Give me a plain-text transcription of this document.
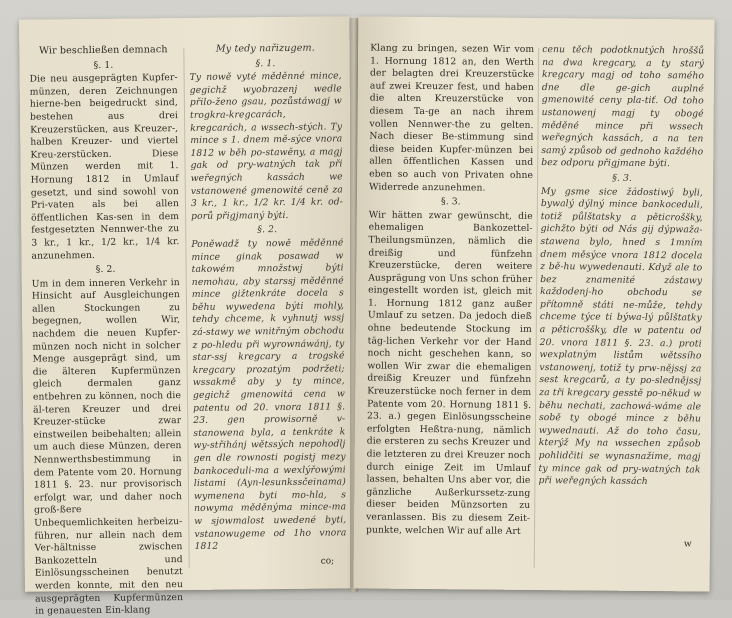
Wir beschließen demnach
§. 1.

Die neu ausgeprägten Kupfer-münzen, deren Zeichnungen hierne-ben beigedruckt sind, bestehen aus drei Kreuzerstücken, aus Kreuzer-, halben Kreuzer- und viertel Kreu-zerstücken. Diese Münzen werden mit 1. Hornung 1812 in Umlauf gesetzt, und sind sowohl von Pri-vaten als bei allen öffentlichen Kas-sen in dem festgesetzten Nennwer-the zu 3 kr., 1 kr., 1/2 kr., 1/4 kr. anzunehmen.

§. 2.

Um in dem inneren Verkehr in Hinsicht auf Ausgleichungen allen Stockungen zu begegnen, wollen Wir, nachdem die neuen Kupfer-münzen noch nicht in solcher Menge ausgeprägt sind, um die älteren Kupfermünzen gleich dermalen ganz entbehren zu können, noch die äl-teren Kreuzer und drei Kreuzer-stücke zwar einstweilen beibehalten; allein um auch diese Münzen, deren Nennwerthsbestimmung in dem Patente vom 20. Hornung 1811 §. 23. nur provisorisch erfolgt war, und daher noch groß-ßere Unbequemlichkeiten herbeizu-führen, nur allein nach dem Ver-hältnisse zwischen Bankozetteln und Einlösungsscheinen benutzt werden konnte, mit den neu ausgeprägten Kupfermünzen in genauesten Ein-klang

My tedy nařizugem.
§. 1.

Ty nowě vyté měděnné mince, gegichž wyobrazenj wedle přilo-ženo gsau, pozůstáwagj w trogkra-kregcarách, kregcarách, a wssech-stých. Ty mince s 1. dnem mě-sýce vnora 1812 w běh po-stawěny, a magj gak od pry-watných tak při weřegných kassách we vstanowené gmenowité ceně za 3 kr., 1 kr., 1/2 kr. 1/4 kr. od-porů přigjmaný býti.

§. 2.

Poněwadž ty nowě měděnné mince ginak posawad w takowém množstwj býti nemohau, aby starssj měděnné mince gižtenkráte docela s běhu wywedena býti mohly, tehdy chceme, k vyhnutj wssj zá-stawy we wnitřným obchodu z po-hledu při wyrownáwánj, ty star-ssj kregcary a trogské kregcary prozatým podržeti; wssakmě aby y ty mince, gegichž gmenowitá cena w patentu od 20. vnora 1811 §. 23. gen prowisorně v-stanowena byla, a tenkráte k wy-střihánj wětssých nepohodlj gen dle rownosti pogistj mezy bankoceduli-ma a wexlýřowými listami (Ayn-lesunkssčeinama) wymenena byti mo-hla, s nowyma měděnýma mince-ma w sjowmalost uwedené byti, vstanowugeme od 1ho vnora 1812

co;

Klang zu bringen, sezen Wir vom 1. Hornung 1812 an, den Werth der belagten drei Kreuzerstücke auf zwei Kreuzer fest, und haben die alten Kreuzerstücke von diesem Ta-ge an nach ihrem vollen Nennwer-the zu gelten. Nach dieser Be-stimmung sind diese beiden Kupfer-münzen bei allen öffentlichen Kassen und eben so auch von Privaten ohne Widerrede anzunehmen.

§. 3.

Wir hätten zwar gewünscht, die ehemaligen Bankozettel-Theilungsmünzen, nämlich die dreißig und fünfzehn Kreuzerstücke, deren weitere Ausprägung von Uns schon früher eingestellt worden ist, gleich mit 1. Hornung 1812 ganz außer Umlauf zu setzen. Da jedoch dieß ohne bedeutende Stockung im täg-lichen Verkehr vor der Hand noch nicht geschehen kann, so wollen Wir zwar die ehemaligen dreißig Kreuzer und fünfzehn Kreuzerstücke noch ferner in dem Patente vom 20. Hornung 1811 §. 23. a.) gegen Einlösungsscheine erfolgten Heßtra-nung, nämlich die ersteren zu sechs Kreuzer und die letzteren zu drei Kreuzer noch durch einige Zeit im Umlauf lassen, behalten Uns aber vor, die gänzliche Außerkurssetz-zung dieser beiden Münzsorten zu veranlassen. Bis zu diesem Zeit-punkte, welchen Wir auf alle Art

cenu těch podotknutých hroššů na dwa kregcary, a ty starý kregcary magj od toho samého dne dle ge-gich auplné gmenowité ceny pla-tiť. Od toho ustanowenj magj ty obogé měděné mince při wssech weřegných kassách, a na ten samý způsob od gednoho každého bez odporu přigjmane býti.

§. 3.

My gsme sice žádostiwý byli, bywalý dýlný mince bankoceduli, totiž půlštatsky a pěticroššky, gichžto býti od Nás gij dýpwaža-stawena bylo, hned s 1mním dnem měsýce vnora 1812 docela z bě-hu wywedenauti. Když ale to bez znamenité zástawy každodenj-ho obchodu se přítomně státi ne-může, tehdy chceme týce ti býwa-lý půlštatky a pěticroššky, dle w patentu od 20. vnora 1811 §. 23. a.) proti wexplatným listům wětssího vstanowenj, totiž ty prw-nějssj za sest kregcarů, a ty po-slednějssj za tři kregcary gesstě po-někud w běhu nechati, zachowá-wáme ale sobě ty obogé mince z běhu wywednauti. Až do toho času, kterýž My na wssechen způsob pohlidčiti se wynasnažime, magj ty mince gak od pry-watných tak při weřegných kassách

w
